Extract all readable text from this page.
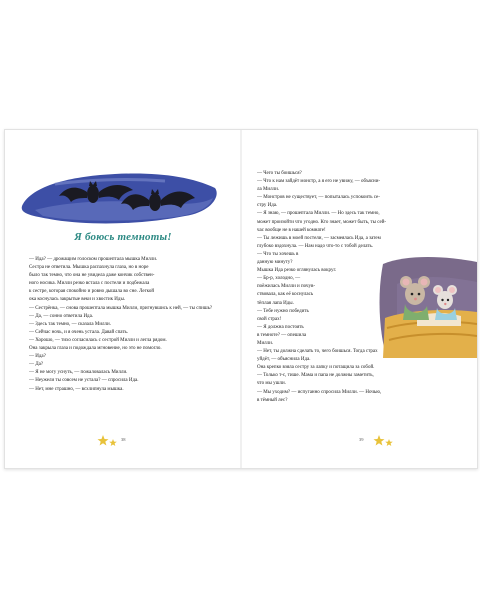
Я боюсь темноты!
— Ида? — дрожащим голоском прошептала мышка Милли.
Сестра не ответила. Мышка распахнула глаза, но в норе
было так темно, что она не увидела даже кончик собствен-
ного носика. Милли резко встала с постели и подбежала
к сестре, которая спокойно и ровно дышала во сне. Легкой
ока коснулась закрытые веки и хвостик Иды.
— Сестрёнка, — снова прошептала мышка Милли, пригнувшись к ней, — ты спишь?
— Да, — сонно ответила Ида.
— Здесь так темно, — сказала Милли.
— Сейчас ночь, и я очень устала. Давай спать.
— Хорошо, — тихо согласилась с сестрой Милли и легла рядом.
Она закрыла глаза и подождала мгновение, но это не помогло.
— Ида?
— Да?
— Я не могу уснуть, — пожаловалась Милли.
— Неужели ты совсем не устала? — спросила Ида.
— Нет, мне страшно, — всхлипнула мышка.
38
— Чего ты боишься?
— Что к нам зайдёт монстр, а я его не увижу, — объясни-
ла Милли.
— Монстров не существует, — попыталась успокоить се-
стру Ида.
— Я знаю, — прошептала Милли. — Но здесь так темно,
может произойти что угодно. Кто знает, может быть, ты сей-
час вообще не в нашей комнате!
— Ты лежишь в моей постели, — засмеялась Ида, а затем
глубоко вздохнула. — Нам надо что-то с тобой делать.
— Что ты хочешь в
данную минуту?
Мышка Ида резко оглянулась вокруг.
— Бр-р, холодно, —
поёжилась Милли и почув-
ствовала, как её коснулась
тёплая лапа Иды.
— Тебе нужно победить
свой страх!
— Я должна постоять
в темноте? — опешила
Милли.
— Нет, ты должна сделать то, чего боишься. Тогда страх
уйдёт, — объяснила Ида.
Она крепко взяла сестру за лапку и потащила за собой.
— Только т-с, тише. Мама и папа не должны заметить,
что мы ушли.
— Мы уходим? — испуганно спросила Милли. — Ночью,
в тёмный лес?
39
